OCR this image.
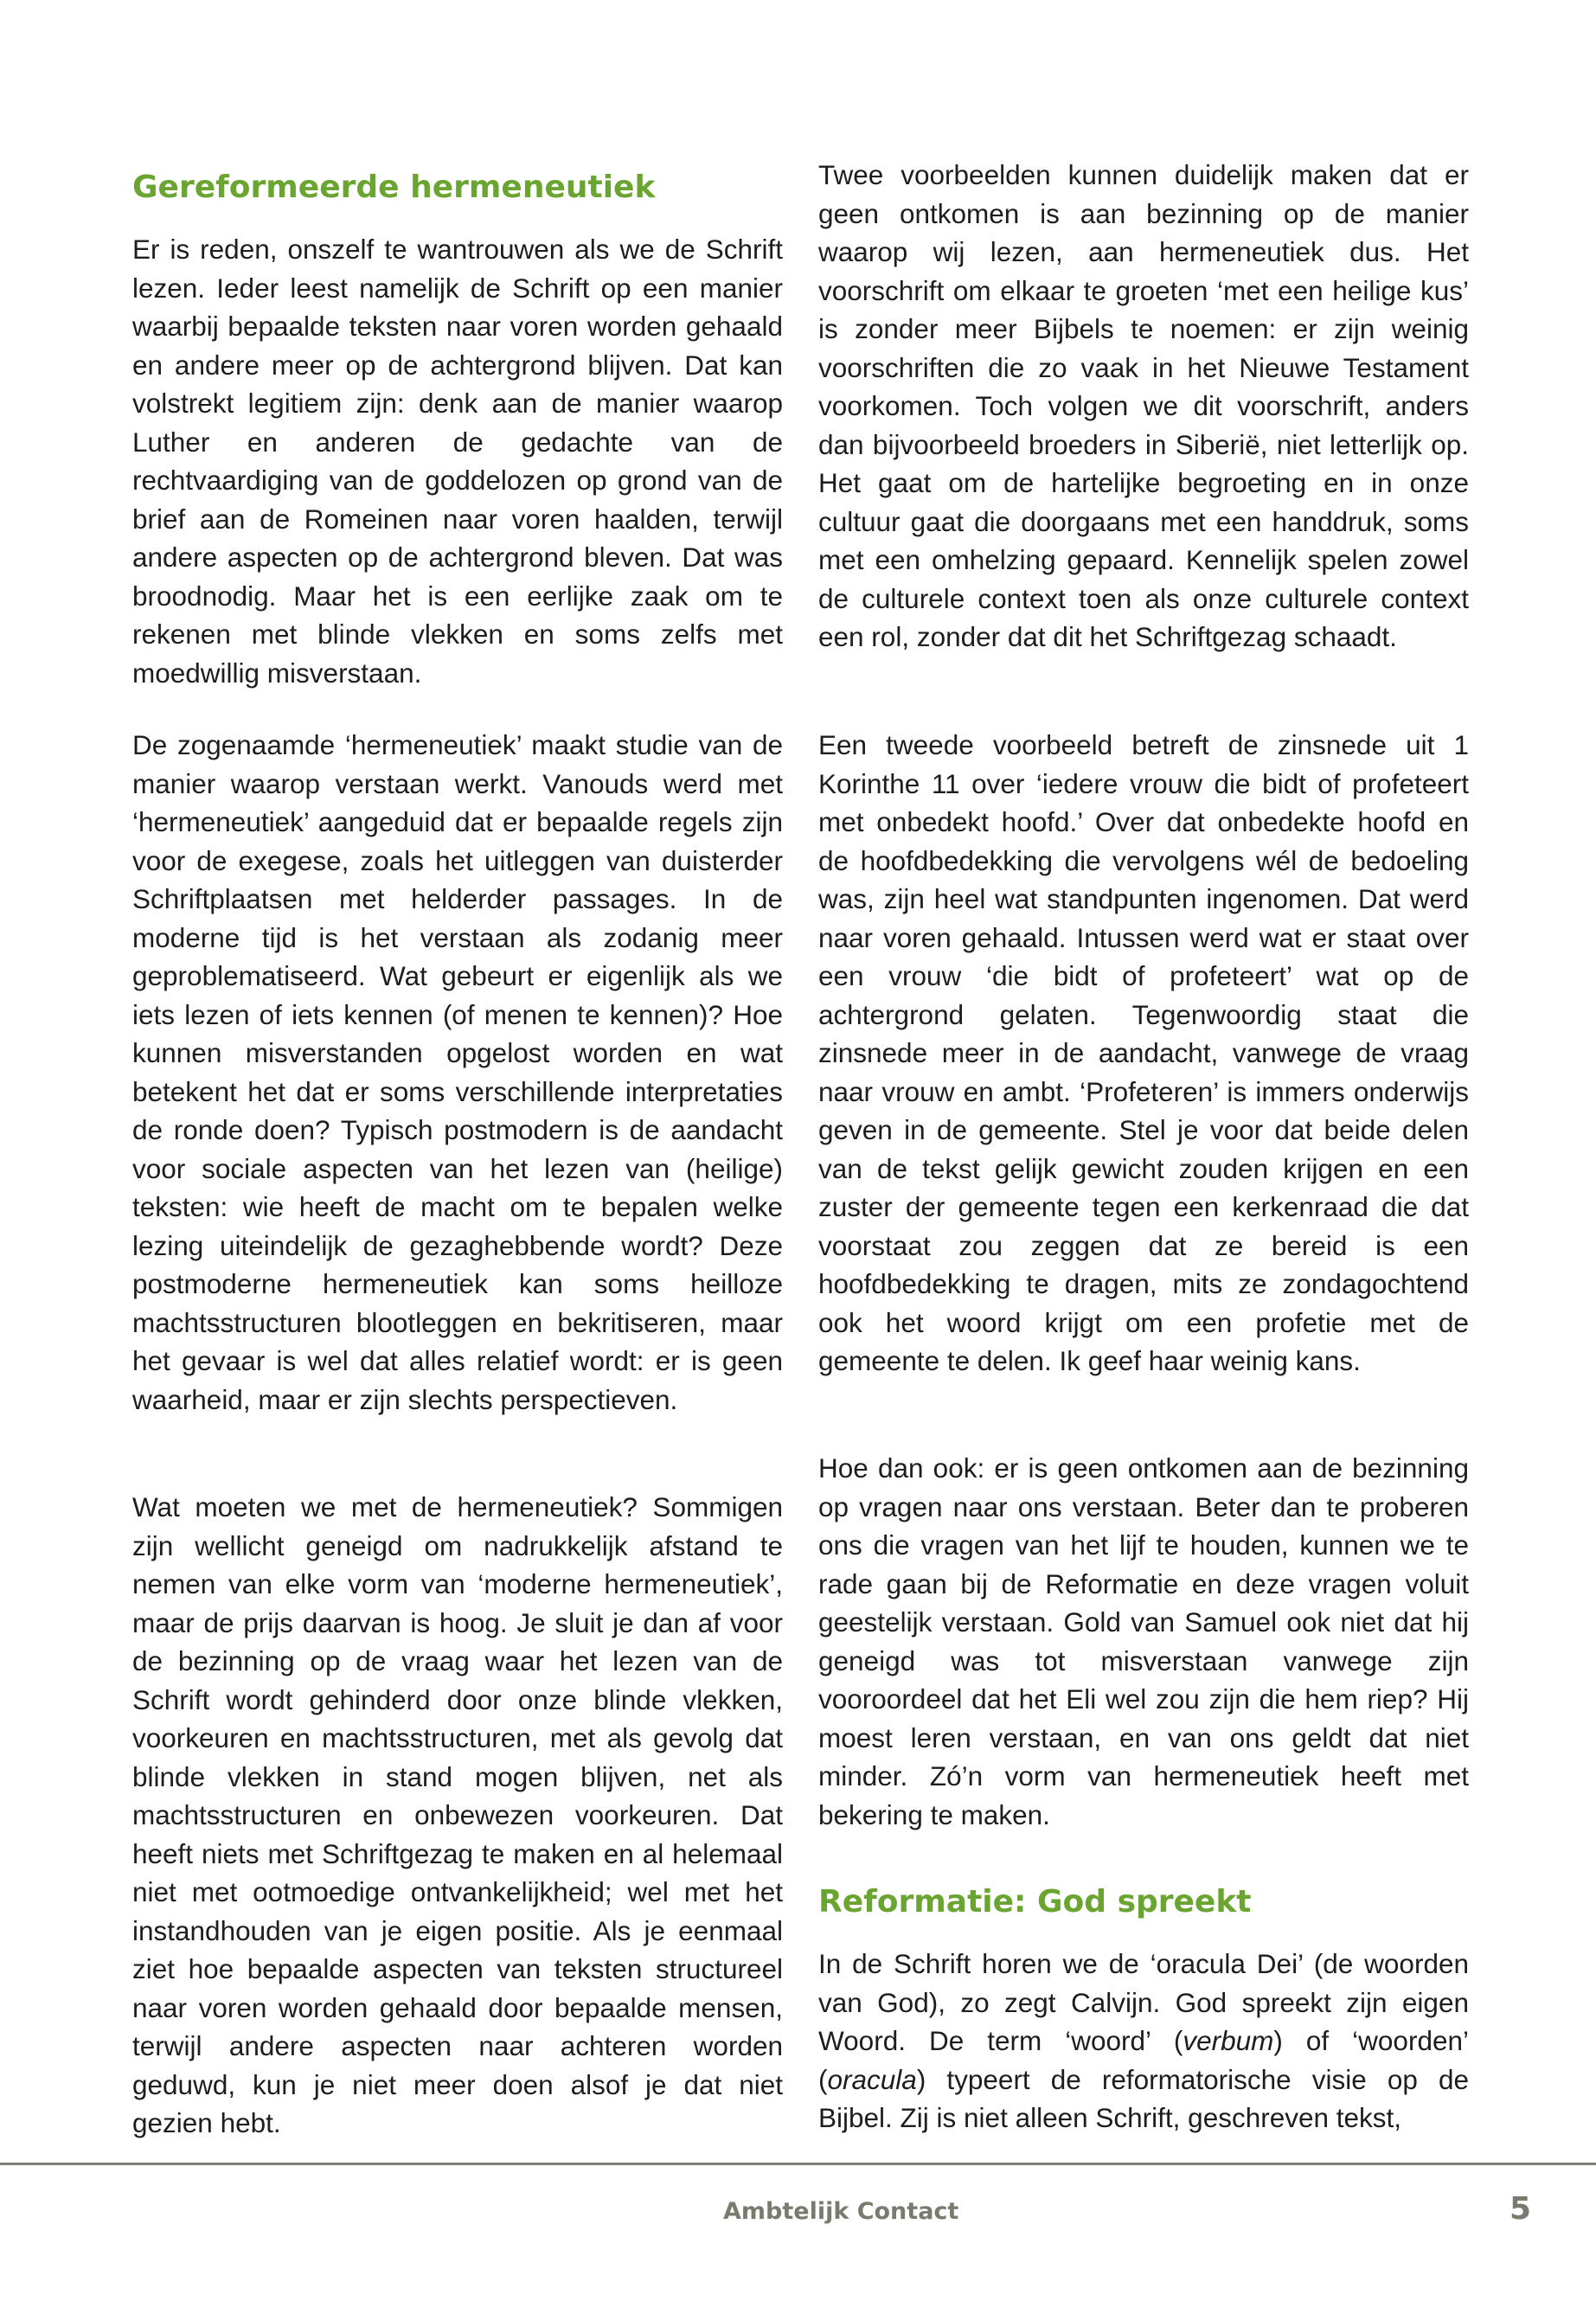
Gereformeerde hermeneutiek

Er is reden, onszelf te wantrouwen als we de Schrift lezen. Ieder leest namelijk de Schrift op een manier waarbij bepaalde teksten naar voren worden gehaald en andere meer op de achtergrond blijven. Dat kan volstrekt legitiem zijn: denk aan de manier waarop Luther en anderen de gedachte van de rechtvaardiging van de goddelozen op grond van de brief aan de Romeinen naar voren haalden, terwijl andere aspecten op de achtergrond bleven. Dat was broodnodig. Maar het is een eerlijke zaak om te rekenen met blinde vlekken en soms zelfs met moedwillig misverstaan.

De zogenaamde ‘hermeneutiek’ maakt studie van de manier waarop verstaan werkt. Vanouds werd met ‘hermeneutiek’ aangeduid dat er bepaalde regels zijn voor de exegese, zoals het uitleggen van duisterder Schriftplaatsen met helderder passages. In de moderne tijd is het verstaan als zodanig meer geproblematiseerd. Wat gebeurt er eigenlijk als we iets lezen of iets kennen (of menen te kennen)? Hoe kunnen misverstanden opgelost worden en wat betekent het dat er soms verschillende interpretaties de ronde doen? Typisch postmodern is de aandacht voor sociale aspecten van het lezen van (heilige) teksten: wie heeft de macht om te bepalen welke lezing uiteindelijk de gezaghebbende wordt? Deze postmoderne hermeneutiek kan soms heilloze machtsstructuren blootleggen en bekritiseren, maar het gevaar is wel dat alles relatief wordt: er is geen waarheid, maar er zijn slechts perspectieven.

Wat moeten we met de hermeneutiek? Sommigen zijn wellicht geneigd om nadrukkelijk afstand te nemen van elke vorm van ‘moderne hermeneutiek’, maar de prijs daarvan is hoog. Je sluit je dan af voor de bezinning op de vraag waar het lezen van de Schrift wordt gehinderd door onze blinde vlekken, voorkeuren en machtsstructuren, met als gevolg dat blinde vlekken in stand mogen blijven, net als machtsstructuren en onbewezen voorkeuren. Dat heeft niets met Schriftgezag te maken en al helemaal niet met ootmoedige ontvankelijkheid; wel met het instandhouden van je eigen positie. Als je eenmaal ziet hoe bepaalde aspecten van teksten structureel naar voren worden gehaald door bepaalde mensen, terwijl andere aspecten naar achteren worden geduwd, kun je niet meer doen alsof je dat niet gezien hebt.

Twee voorbeelden kunnen duidelijk maken dat er geen ontkomen is aan bezinning op de manier waarop wij lezen, aan hermeneutiek dus. Het voorschrift om elkaar te groeten ‘met een heilige kus’ is zonder meer Bijbels te noemen: er zijn weinig voorschriften die zo vaak in het Nieuwe Testament voorkomen. Toch volgen we dit voorschrift, anders dan bijvoorbeeld broeders in Siberië, niet letterlijk op. Het gaat om de hartelijke begroeting en in onze cultuur gaat die doorgaans met een handdruk, soms met een omhelzing gepaard. Kennelijk spelen zowel de culturele context toen als onze culturele context een rol, zonder dat dit het Schriftgezag schaadt.

Een tweede voorbeeld betreft de zinsnede uit 1 Korinthe 11 over ‘iedere vrouw die bidt of profeteert met onbedekt hoofd.’ Over dat onbedekte hoofd en de hoofdbedekking die vervolgens wél de bedoeling was, zijn heel wat standpunten ingenomen. Dat werd naar voren gehaald. Intussen werd wat er staat over een vrouw ‘die bidt of profeteert’ wat op de achtergrond gelaten. Tegenwoordig staat die zinsnede meer in de aandacht, vanwege de vraag naar vrouw en ambt. ‘Profeteren’ is immers onderwijs geven in de gemeente. Stel je voor dat beide delen van de tekst gelijk gewicht zouden krijgen en een zuster der gemeente tegen een kerkenraad die dat voorstaat zou zeggen dat ze bereid is een hoofdbedekking te dragen, mits ze zondagochtend ook het woord krijgt om een profetie met de gemeente te delen. Ik geef haar weinig kans.

Hoe dan ook: er is geen ontkomen aan de bezinning op vragen naar ons verstaan. Beter dan te proberen ons die vragen van het lijf te houden, kunnen we te rade gaan bij de Reformatie en deze vragen voluit geestelijk verstaan. Gold van Samuel ook niet dat hij geneigd was tot misverstaan vanwege zijn vooroordeel dat het Eli wel zou zijn die hem riep? Hij moest leren verstaan, en van ons geldt dat niet minder. Zó’n vorm van hermeneutiek heeft met bekering te maken.

Reformatie: God spreekt

In de Schrift horen we de ‘oracula Dei’ (de woorden van God), zo zegt Calvijn. God spreekt zijn eigen Woord. De term ‘woord’ (verbum) of ‘woorden’ (oracula) typeert de reformatorische visie op de Bijbel. Zij is niet alleen Schrift, geschreven tekst,

Ambtelijk Contact	5
